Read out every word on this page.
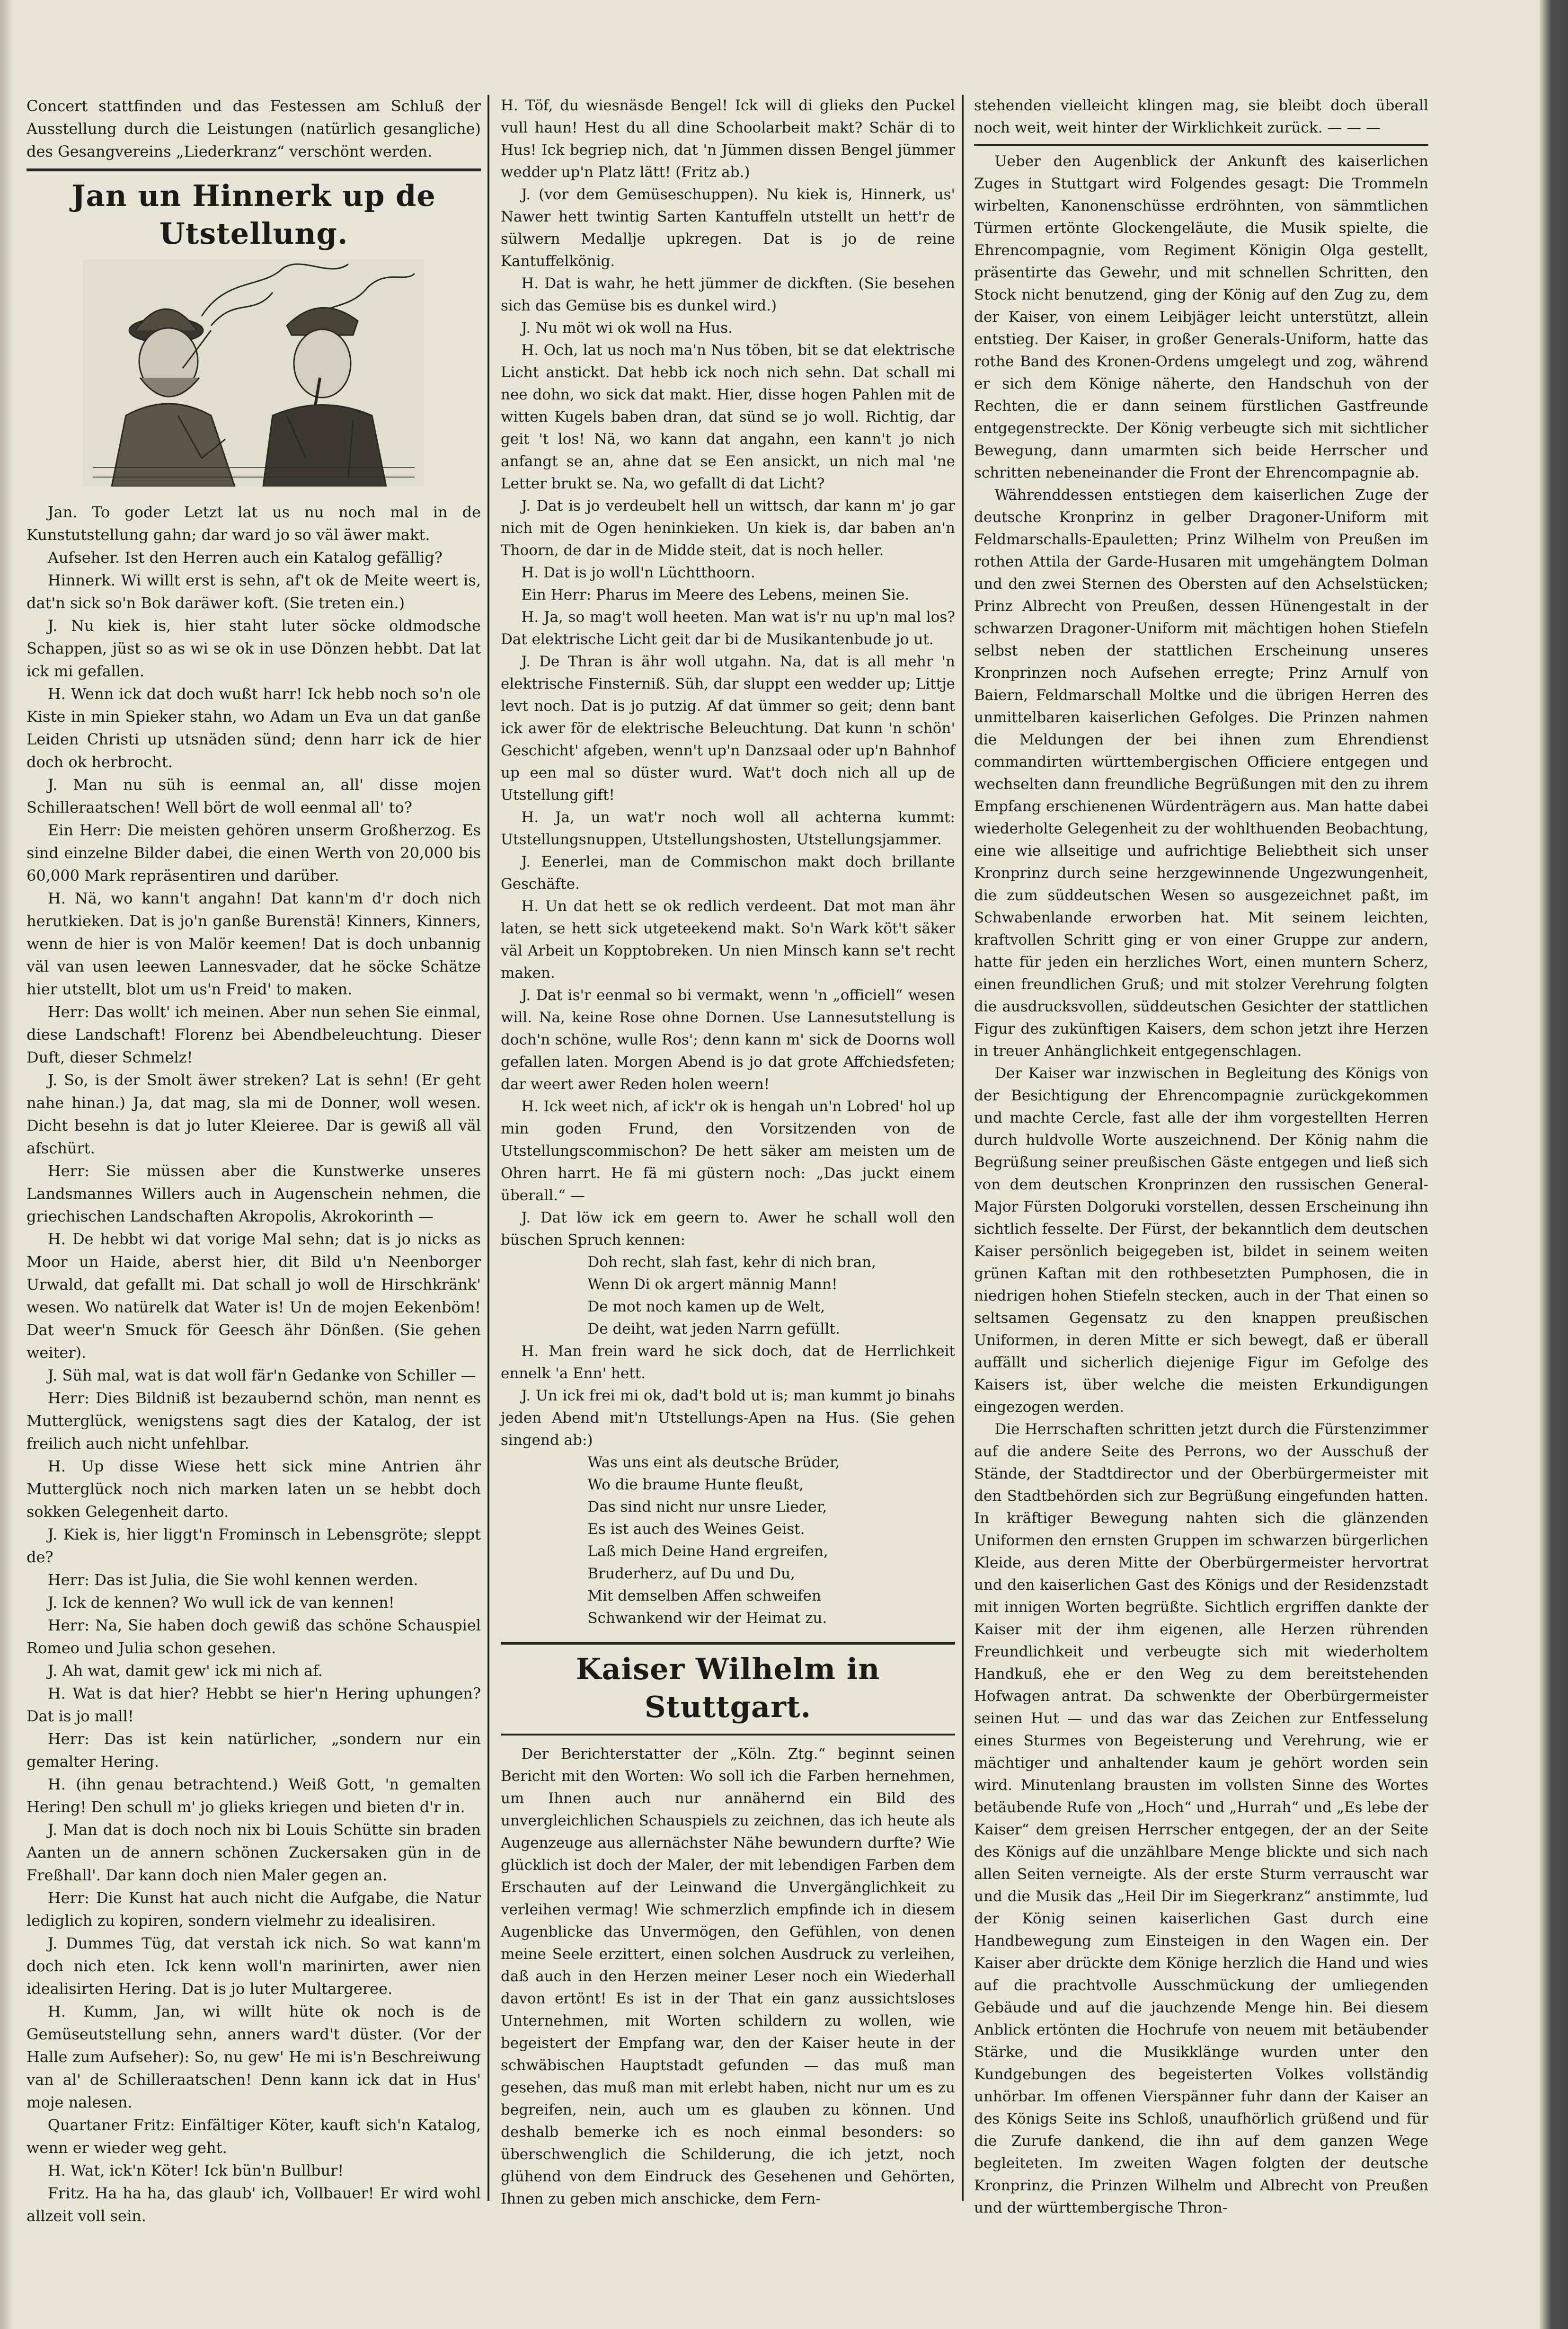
Concert stattfinden und das Festessen am Schluß der Ausstellung durch die Leistungen (natürlich gesangliche) des Gesangvereins „Liederkranz“ verschönt werden.

Jan un Hinnerk up de Utstellung.

Jan. To goder Letzt lat us nu noch mal in de Kunstutstellung gahn; dar ward jo so väl äwer makt.

Aufseher. Ist den Herren auch ein Katalog gefällig?

Hinnerk. Wi willt erst is sehn, af't ok de Meite weert is, dat'n sick so'n Bok daräwer koft. (Sie treten ein.)

J. Nu kiek is, hier staht luter söcke oldmodsche Schappen, jüst so as wi se ok in use Dönzen hebbt. Dat lat ick mi gefallen.

H. Wenn ick dat doch wußt harr! Ick hebb noch so'n ole Kiste in min Spieker stahn, wo Adam un Eva un dat ganße Leiden Christi up utsnäden sünd; denn harr ick de hier doch ok herbrocht.

J. Man nu süh is eenmal an, all' disse mojen Schilleraatschen! Well bört de woll eenmal all' to?

Ein Herr: Die meisten gehören unserm Großherzog. Es sind einzelne Bilder dabei, die einen Werth von 20,000 bis 60,000 Mark repräsentiren und darüber.

H. Nä, wo kann't angahn! Dat kann'm d'r doch nich herutkieken. Dat is jo'n ganße Burenstä! Kinners, Kinners, wenn de hier is von Malör keemen! Dat is doch unbannig väl van usen leewen Lannesvader, dat he söcke Schätze hier utstellt, blot um us'n Freid' to maken.

Herr: Das wollt' ich meinen. Aber nun sehen Sie einmal, diese Landschaft! Florenz bei Abendbeleuchtung. Dieser Duft, dieser Schmelz!

J. So, is der Smolt äwer streken? Lat is sehn! (Er geht nahe hinan.) Ja, dat mag, sla mi de Donner, woll wesen. Dicht besehn is dat jo luter Kleieree. Dar is gewiß all väl afschürt.

Herr: Sie müssen aber die Kunstwerke unseres Landsmannes Willers auch in Augenschein nehmen, die griechischen Landschaften Akropolis, Akrokorinth —

H. De hebbt wi dat vorige Mal sehn; dat is jo nicks as Moor un Haide, aberst hier, dit Bild u'n Neenborger Urwald, dat gefallt mi. Dat schall jo woll de Hirschkränk' wesen. Wo natürelk dat Water is! Un de mojen Eekenböm! Dat weer'n Smuck för Geesch ähr Dönßen. (Sie gehen weiter).

J. Süh mal, wat is dat woll fär'n Gedanke von Schiller —

Herr: Dies Bildniß ist bezaubernd schön, man nennt es Mutterglück, wenigstens sagt dies der Katalog, der ist freilich auch nicht unfehlbar.

H. Up disse Wiese hett sick mine Antrien ähr Mutterglück noch nich marken laten un se hebbt doch sokken Gelegenheit darto.

J. Kiek is, hier liggt'n Frominsch in Lebensgröte; sleppt de?

Herr: Das ist Julia, die Sie wohl kennen werden.

J. Ick de kennen? Wo wull ick de van kennen!

Herr: Na, Sie haben doch gewiß das schöne Schauspiel Romeo und Julia schon gesehen.

J. Ah wat, damit gew' ick mi nich af.

H. Wat is dat hier? Hebbt se hier'n Hering uphungen? Dat is jo mall!

Herr: Das ist kein natürlicher, „sondern nur ein gemalter Hering.

H. (ihn genau betrachtend.) Weiß Gott, 'n gemalten Hering! Den schull m' jo glieks kriegen und bieten d'r in.

J. Man dat is doch noch nix bi Louis Schütte sin braden Aanten un de annern schönen Zuckersaken gün in de Freßhall'. Dar kann doch nien Maler gegen an.

Herr: Die Kunst hat auch nicht die Aufgabe, die Natur lediglich zu kopiren, sondern vielmehr zu idealisiren.

J. Dummes Tüg, dat verstah ick nich. So wat kann'm doch nich eten. Ick kenn woll'n marinirten, awer nien idealisirten Hering. Dat is jo luter Multargeree.

H. Kumm, Jan, wi willt hüte ok noch is de Gemüseutstellung sehn, anners ward't düster. (Vor der Halle zum Aufseher): So, nu gew' He mi is'n Beschreiwung van al' de Schilleraatschen! Denn kann ick dat in Hus' moje nalesen.

Quartaner Fritz: Einfältiger Köter, kauft sich'n Katalog, wenn er wieder weg geht.

H. Wat, ick'n Köter! Ick bün'n Bullbur!

Fritz. Ha ha ha, das glaub' ich, Vollbauer! Er wird wohl allzeit voll sein.

H. Töf, du wiesnäsde Bengel! Ick will di glieks den Puckel vull haun! Hest du all dine Schoolarbeit makt? Schär di to Hus! Ick begriep nich, dat 'n Jümmen dissen Bengel jümmer wedder up'n Platz lätt! (Fritz ab.)

J. (vor dem Gemüseschuppen). Nu kiek is, Hinnerk, us' Nawer hett twintig Sarten Kantuffeln utstellt un hett'r de sülwern Medallje upkregen. Dat is jo de reine Kantuffelkönig.

H. Dat is wahr, he hett jümmer de dickften. (Sie besehen sich das Gemüse bis es dunkel wird.)

J. Nu möt wi ok woll na Hus.

H. Och, lat us noch ma'n Nus töben, bit se dat elektrische Licht anstickt. Dat hebb ick noch nich sehn. Dat schall mi nee dohn, wo sick dat makt. Hier, disse hogen Pahlen mit de witten Kugels baben dran, dat sünd se jo woll. Richtig, dar geit 't los! Nä, wo kann dat angahn, een kann't jo nich anfangt se an, ahne dat se Een ansickt, un nich mal 'ne Letter brukt se. Na, wo gefallt di dat Licht?

J. Dat is jo verdeubelt hell un wittsch, dar kann m' jo gar nich mit de Ogen heninkieken. Un kiek is, dar baben an'n Thoorn, de dar in de Midde steit, dat is noch heller.

H. Dat is jo woll'n Lüchtthoorn.

Ein Herr: Pharus im Meere des Lebens, meinen Sie.

H. Ja, so mag't woll heeten. Man wat is'r nu up'n mal los? Dat elektrische Licht geit dar bi de Musikantenbude jo ut.

J. De Thran is ähr woll utgahn. Na, dat is all mehr 'n elektrische Finsterniß. Süh, dar sluppt een wedder up; Littje levt noch. Dat is jo putzig. Af dat ümmer so geit; denn bant ick awer för de elektrische Beleuchtung. Dat kunn 'n schön' Geschicht' afgeben, wenn't up'n Danzsaal oder up'n Bahnhof up een mal so düster wurd. Wat't doch nich all up de Utstellung gift!

H. Ja, un wat'r noch woll all achterna kummt: Utstellungsnuppen, Utstellungshosten, Utstellungsjammer.

J. Eenerlei, man de Commischon makt doch brillante Geschäfte.

H. Un dat hett se ok redlich verdeent. Dat mot man ähr laten, se hett sick utgeteekend makt. So'n Wark köt't säker väl Arbeit un Kopptobreken. Un nien Minsch kann se't recht maken.

J. Dat is'r eenmal so bi vermakt, wenn 'n „officiell“ wesen will. Na, keine Rose ohne Dornen. Use Lannesutstellung is doch'n schöne, wulle Ros'; denn kann m' sick de Doorns woll gefallen laten. Morgen Abend is jo dat grote Affchiedsfeten; dar weert awer Reden holen weern!

H. Ick weet nich, af ick'r ok is hengah un'n Lobred' hol up min goden Frund, den Vorsitzenden von de Utstellungscommischon? De hett säker am meisten um de Ohren harrt. He fä mi güstern noch: „Das juckt einem überall.“ —

J. Dat löw ick em geern to. Awer he schall woll den büschen Spruch kennen:

Doh recht, slah fast, kehr di nich bran,

Wenn Di ok argert männig Mann!

De mot noch kamen up de Welt,

De deiht, wat jeden Narrn gefüllt.

H. Man frein ward he sick doch, dat de Herrlichkeit ennelk 'a Enn' hett.

J. Un ick frei mi ok, dad't bold ut is; man kummt jo binahs jeden Abend mit'n Utstellungs-Apen na Hus. (Sie gehen singend ab:)

Was uns eint als deutsche Brüder,

Wo die braume Hunte fleußt,

Das sind nicht nur unsre Lieder,

Es ist auch des Weines Geist.

Laß mich Deine Hand ergreifen,

Bruderherz, auf Du und Du,

Mit demselben Affen schweifen

Schwankend wir der Heimat zu.

Kaiser Wilhelm in Stuttgart.

Der Berichterstatter der „Köln. Ztg.“ beginnt seinen Bericht mit den Worten: Wo soll ich die Farben hernehmen, um Ihnen auch nur annähernd ein Bild des unvergleichlichen Schauspiels zu zeichnen, das ich heute als Augenzeuge aus allernächster Nähe bewundern durfte? Wie glücklich ist doch der Maler, der mit lebendigen Farben dem Erschauten auf der Leinwand die Unvergänglichkeit zu verleihen vermag! Wie schmerzlich empfinde ich in diesem Augenblicke das Unvermögen, den Gefühlen, von denen meine Seele erzittert, einen solchen Ausdruck zu verleihen, daß auch in den Herzen meiner Leser noch ein Wiederhall davon ertönt! Es ist in der That ein ganz aussichtsloses Unternehmen, mit Worten schildern zu wollen, wie begeistert der Empfang war, den der Kaiser heute in der schwäbischen Hauptstadt gefunden — das muß man gesehen, das muß man mit erlebt haben, nicht nur um es zu begreifen, nein, auch um es glauben zu können. Und deshalb bemerke ich es noch einmal besonders: so überschwenglich die Schilderung, die ich jetzt, noch glühend von dem Eindruck des Gesehenen und Gehörten, Ihnen zu geben mich anschicke, dem Fern-

stehenden vielleicht klingen mag, sie bleibt doch überall noch weit, weit hinter der Wirklichkeit zurück. — — —

Ueber den Augenblick der Ankunft des kaiserlichen Zuges in Stuttgart wird Folgendes gesagt: Die Trommeln wirbelten, Kanonenschüsse erdröhnten, von sämmtlichen Türmen ertönte Glockengeläute, die Musik spielte, die Ehrencompagnie, vom Regiment Königin Olga gestellt, präsentirte das Gewehr, und mit schnellen Schritten, den Stock nicht benutzend, ging der König auf den Zug zu, dem der Kaiser, von einem Leibjäger leicht unterstützt, allein entstieg. Der Kaiser, in großer Generals-Uniform, hatte das rothe Band des Kronen-Ordens umgelegt und zog, während er sich dem Könige näherte, den Handschuh von der Rechten, die er dann seinem fürstlichen Gastfreunde entgegenstreckte. Der König verbeugte sich mit sichtlicher Bewegung, dann umarmten sich beide Herrscher und schritten nebeneinander die Front der Ehrencompagnie ab.

Währenddessen entstiegen dem kaiserlichen Zuge der deutsche Kronprinz in gelber Dragoner-Uniform mit Feldmarschalls-Epauletten; Prinz Wilhelm von Preußen im rothen Attila der Garde-Husaren mit umgehängtem Dolman und den zwei Sternen des Obersten auf den Achselstücken; Prinz Albrecht von Preußen, dessen Hünengestalt in der schwarzen Dragoner-Uniform mit mächtigen hohen Stiefeln selbst neben der stattlichen Erscheinung unseres Kronprinzen noch Aufsehen erregte; Prinz Arnulf von Baiern, Feldmarschall Moltke und die übrigen Herren des unmittelbaren kaiserlichen Gefolges. Die Prinzen nahmen die Meldungen der bei ihnen zum Ehrendienst commandirten württembergischen Officiere entgegen und wechselten dann freundliche Begrüßungen mit den zu ihrem Empfang erschienenen Würdenträgern aus. Man hatte dabei wiederholte Gelegenheit zu der wohlthuenden Beobachtung, eine wie allseitige und aufrichtige Beliebtheit sich unser Kronprinz durch seine herzgewinnende Ungezwungenheit, die zum süddeutschen Wesen so ausgezeichnet paßt, im Schwabenlande erworben hat. Mit seinem leichten, kraftvollen Schritt ging er von einer Gruppe zur andern, hatte für jeden ein herzliches Wort, einen muntern Scherz, einen freundlichen Gruß; und mit stolzer Verehrung folgten die ausdrucksvollen, süddeutschen Gesichter der stattlichen Figur des zukünftigen Kaisers, dem schon jetzt ihre Herzen in treuer Anhänglichkeit entgegenschlagen.

Der Kaiser war inzwischen in Begleitung des Königs von der Besichtigung der Ehrencompagnie zurückgekommen und machte Cercle, fast alle der ihm vorgestellten Herren durch huldvolle Worte auszeichnend. Der König nahm die Begrüßung seiner preußischen Gäste entgegen und ließ sich von dem deutschen Kronprinzen den russischen General-Major Fürsten Dolgoruki vorstellen, dessen Erscheinung ihn sichtlich fesselte. Der Fürst, der bekanntlich dem deutschen Kaiser persönlich beigegeben ist, bildet in seinem weiten grünen Kaftan mit den rothbesetzten Pumphosen, die in niedrigen hohen Stiefeln stecken, auch in der That einen so seltsamen Gegensatz zu den knappen preußischen Uniformen, in deren Mitte er sich bewegt, daß er überall auffällt und sicherlich diejenige Figur im Gefolge des Kaisers ist, über welche die meisten Erkundigungen eingezogen werden.

Die Herrschaften schritten jetzt durch die Fürstenzimmer auf die andere Seite des Perrons, wo der Ausschuß der Stände, der Stadtdirector und der Oberbürgermeister mit den Stadtbehörden sich zur Begrüßung eingefunden hatten. In kräftiger Bewegung nahten sich die glänzenden Uniformen den ernsten Gruppen im schwarzen bürgerlichen Kleide, aus deren Mitte der Oberbürgermeister hervortrat und den kaiserlichen Gast des Königs und der Residenzstadt mit innigen Worten begrüßte. Sichtlich ergriffen dankte der Kaiser mit der ihm eigenen, alle Herzen rührenden Freundlichkeit und verbeugte sich mit wiederholtem Handkuß, ehe er den Weg zu dem bereitstehenden Hofwagen antrat. Da schwenkte der Oberbürgermeister seinen Hut — und das war das Zeichen zur Entfesselung eines Sturmes von Begeisterung und Verehrung, wie er mächtiger und anhaltender kaum je gehört worden sein wird. Minutenlang brausten im vollsten Sinne des Wortes betäubende Rufe von „Hoch“ und „Hurrah“ und „Es lebe der Kaiser“ dem greisen Herrscher entgegen, der an der Seite des Königs auf die unzählbare Menge blickte und sich nach allen Seiten verneigte. Als der erste Sturm verrauscht war und die Musik das „Heil Dir im Siegerkranz“ anstimmte, lud der König seinen kaiserlichen Gast durch eine Handbewegung zum Einsteigen in den Wagen ein. Der Kaiser aber drückte dem Könige herzlich die Hand und wies auf die prachtvolle Ausschmückung der umliegenden Gebäude und auf die jauchzende Menge hin. Bei diesem Anblick ertönten die Hochrufe von neuem mit betäubender Stärke, und die Musikklänge wurden unter den Kundgebungen des begeisterten Volkes vollständig unhörbar. Im offenen Vierspänner fuhr dann der Kaiser an des Königs Seite ins Schloß, unaufhörlich grüßend und für die Zurufe dankend, die ihn auf dem ganzen Wege begleiteten. Im zweiten Wagen folgten der deutsche Kronprinz, die Prinzen Wilhelm und Albrecht von Preußen und der württembergische Thron-
